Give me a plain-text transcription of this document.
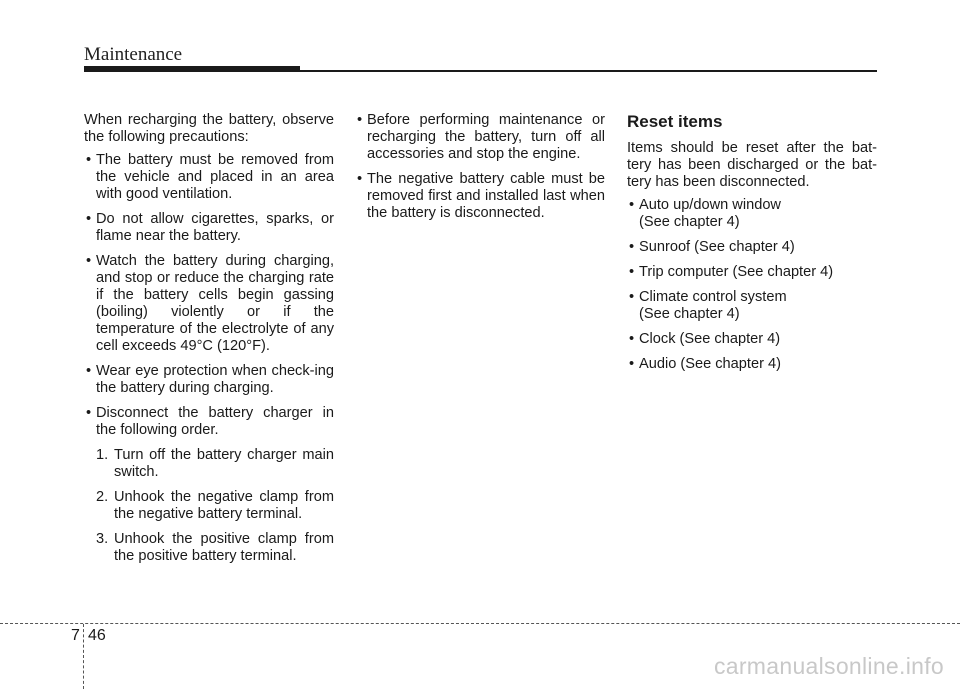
Maintenance

When recharging the battery, observe the following precautions:

• The battery must be removed from the vehicle and placed in an area with good ventilation.
• Do not allow cigarettes, sparks, or flame near the battery.
• Watch the battery during charging, and stop or reduce the charging rate if the battery cells begin gassing (boiling) violently or if the temperature of the electrolyte of any cell exceeds 49°C (120°F).
• Wear eye protection when check-ing the battery during charging.
• Disconnect the battery charger in the following order.
1. Turn off the battery charger main switch.
2. Unhook the negative clamp from the negative battery terminal.
3. Unhook the positive clamp from the positive battery terminal.
• Before performing maintenance or recharging the battery, turn off all accessories and stop the engine.
• The negative battery cable must be removed first and installed last when the battery is disconnected.
Reset items

Items should be reset after the bat-tery has been discharged or the bat-tery has been disconnected.

• Auto up/down window
(See chapter 4)
• Sunroof (See chapter 4)
• Trip computer (See chapter 4)
• Climate control system
(See chapter 4)
• Clock (See chapter 4)
• Audio (See chapter 4)
7 46
carmanualsonline.info
